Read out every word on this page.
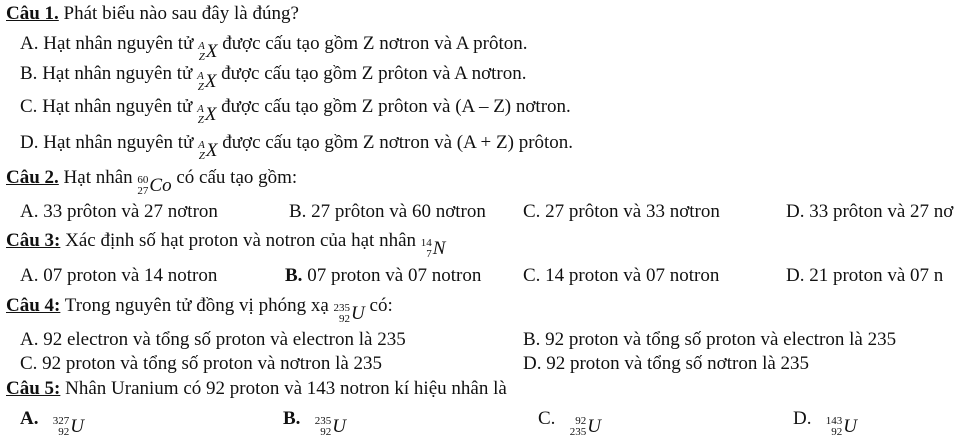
Câu 1. Phát biểu nào sau đây là đúng?
A. Hạt nhân nguyên tử A
Z X được cấu tạo gồm Z nơtron và A prôton.
B. Hạt nhân nguyên tử A
Z X được cấu tạo gồm Z prôton và A nơtron.
C. Hạt nhân nguyên tử A
Z X được cấu tạo gồm Z prôton và (A – Z) nơtron.
D. Hạt nhân nguyên tử A
Z X được cấu tạo gồm Z nơtron và (A + Z) prôton.
Câu 2. Hạt nhân 60
27 Co có cấu tạo gồm:
A. 33 prôton và 27 nơtron	B. 27 prôton và 60 nơtron C. 27 prôton và 33 nơtron	D. 33 prôton và 27 nơ
Câu 3: Xác định số hạt proton và notron của hạt nhân 14
7 N
A. 07 proton và 14 notron	B. 07 proton và 07 notron C. 14 proton và 07 notron	D. 21 proton và 07 n
Câu 4: Trong nguyên tử đồng vị phóng xạ 235
92 U có:
A. 92 electron và tổng số proton và electron là 235	B. 92 proton và tổng số proton và electron là 235
C. 92 proton và tổng số proton và nơtron là 235	D. 92 proton và tổng số nơtron là 235
Câu 5: Nhân Uranium có 92 proton và 143 notron kí hiệu nhân là
A. 327
92 U	B. 235
92 U	C. 92
235 U	D. 143
92 U
